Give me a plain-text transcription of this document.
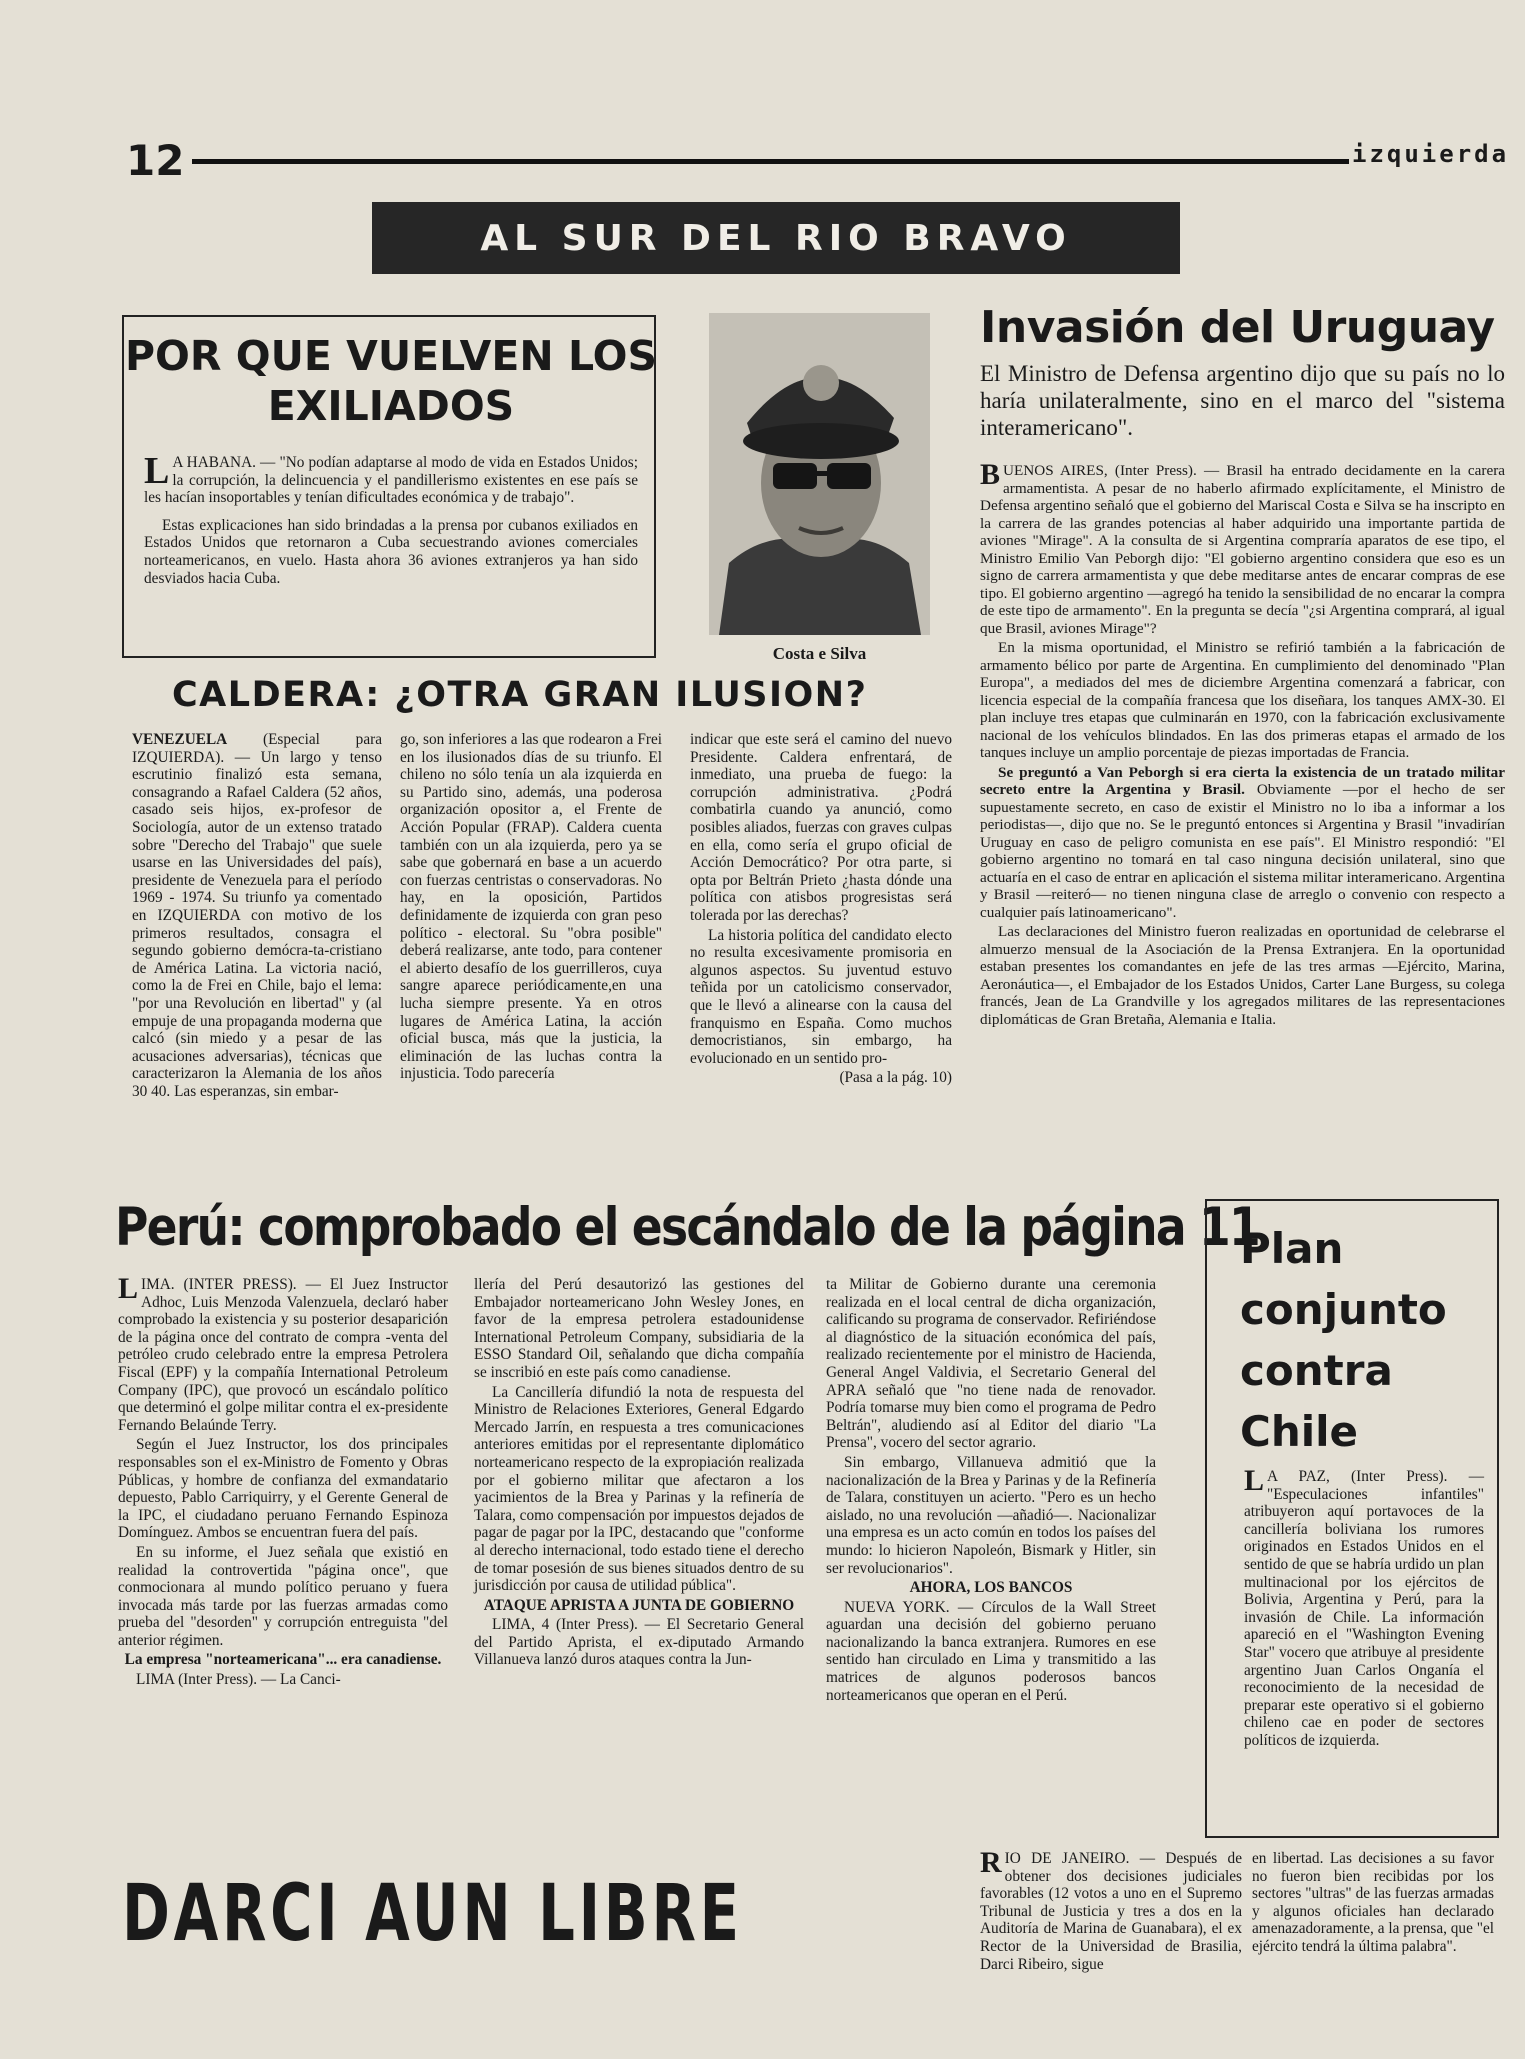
12	izquierda
AL SUR DEL RIO BRAVO
POR QUE VUELVEN LOS EXILIADOS

L A HABANA. — "No podían adaptarse al modo de vida en Estados Unidos; la corrupción, la delincuencia y el pandillerismo existentes en ese país se les hacían insoportables y tenían dificultades económica y de trabajo".

Estas explicaciones han sido brindadas a la prensa por cubanos exiliados en Estados Unidos que retornaron a Cuba secuestrando aviones comerciales norteamericanos, en vuelo. Hasta ahora 36 aviones extranjeros ya han sido desviados hacia Cuba.

Costa e Silva
Invasión del Uruguay
El Ministro de Defensa argentino dijo que su país no lo haría unilateralmente, sino en el marco del "sistema interamericano".

BUENOS AIRES, (Inter Press). — Brasil ha entrado decidamente en la carera armamentista. A pesar de no haberlo afirmado explícitamente, el Ministro de Defensa argentino señaló que el gobierno del Mariscal Costa e Silva se ha inscripto en la carrera de las grandes potencias al haber adquirido una importante partida de aviones "Mirage". A la consulta de si Argentina compraría aparatos de ese tipo, el Ministro Emilio Van Peborgh dijo: "El gobierno argentino considera que eso es un signo de carrera armamentista y que debe meditarse antes de encarar compras de ese tipo. El gobierno argentino —agregó ha tenido la sensibilidad de no encarar la compra de este tipo de armamento". En la pregunta se decía "¿si Argentina comprará, al igual que Brasil, aviones Mirage"?

En la misma oportunidad, el Ministro se refirió también a la fabricación de armamento bélico por parte de Argentina. En cumplimiento del denominado "Plan Europa", a mediados del mes de diciembre Argentina comenzará a fabricar, con licencia especial de la compañía francesa que los diseñara, los tanques AMX-30. El plan incluye tres etapas que culminarán en 1970, con la fabricación exclusivamente nacional de los vehículos blindados. En las dos primeras etapas el armado de los tanques incluye un amplio porcentaje de piezas importadas de Francia.

Se preguntó a Van Peborgh si era cierta la existencia de un tratado militar secreto entre la Argentina y Brasil. Obviamente —por el hecho de ser supuestamente secreto, en caso de existir el Ministro no lo iba a informar a los periodistas—, dijo que no. Se le preguntó entonces si Argentina y Brasil "invadirían Uruguay en caso de peligro comunista en ese país". El Ministro respondió: "El gobierno argentino no tomará en tal caso ninguna decisión unilateral, sino que actuaría en el caso de entrar en aplicación el sistema militar interamericano. Argentina y Brasil —reiteró— no tienen ninguna clase de arreglo o convenio con respecto a cualquier país latinoamericano".

Las declaraciones del Ministro fueron realizadas en oportunidad de celebrarse el almuerzo mensual de la Asociación de la Prensa Extranjera. En la oportunidad estaban presentes los comandantes en jefe de las tres armas —Ejército, Marina, Aeronáutica—, el Embajador de los Estados Unidos, Carter Lane Burgess, su colega francés, Jean de La Grandville y los agregados militares de las representaciones diplomáticas de Gran Bretaña, Alemania e Italia.

CALDERA: ¿OTRA GRAN ILUSION?

VENEZUELA (Especial para IZQUIERDA). — Un largo y tenso escrutinio finalizó esta semana, consagrando a Rafael Caldera (52 años, casado seis hijos, ex-profesor de Sociología, autor de un extenso tratado sobre "Derecho del Trabajo" que suele usarse en las Universidades del país), presidente de Venezuela para el período 1969 - 1974. Su triunfo ya comentado en IZQUIERDA con motivo de los primeros resultados, consagra el segundo gobierno demócra-ta-cristiano de América Latina. La victoria nació, como la de Frei en Chile, bajo el lema: "por una Revolución en libertad" y (al empuje de una propaganda moderna que calcó (sin miedo y a pesar de las acusaciones adversarias), técnicas que caracterizaron la Alemania de los años 30 40. Las esperanzas, sin embar-

go, son inferiores a las que rodearon a Frei en los ilusionados días de su triunfo. El chileno no sólo tenía un ala izquierda en su Partido sino, además, una poderosa organización opositor a, el Frente de Acción Popular (FRAP). Caldera cuenta también con un ala izquierda, pero ya se sabe que gobernará en base a un acuerdo con fuerzas centristas o conservadoras. No hay, en la oposición, Partidos definidamente de izquierda con gran peso político - electoral. Su "obra posible" deberá realizarse, ante todo, para contener el abierto desafío de los guerrilleros, cuya sangre aparece periódicamente,en una lucha siempre presente. Ya en otros lugares de América Latina, la acción oficial busca, más que la justicia, la eliminación de las luchas contra la injusticia. Todo parecería

indicar que este será el camino del nuevo Presidente. Caldera enfrentará, de inmediato, una prueba de fuego: la corrupción administrativa. ¿Podrá combatirla cuando ya anunció, como posibles aliados, fuerzas con graves culpas en ella, como sería el grupo oficial de Acción Democrático? Por otra parte, si opta por Beltrán Prieto ¿hasta dónde una política con atisbos progresistas será tolerada por las derechas?

La historia política del candidato electo no resulta excesivamente promisoria en algunos aspectos. Su juventud estuvo teñida por un catolicismo conservador, que le llevó a alinearse con la causa del franquismo en España. Como muchos democristianos, sin embargo, ha evolucionado en un sentido pro-

(Pasa a la pág. 10)

Perú: comprobado el escándalo de la página 11

LIMA. (INTER PRESS). — El Juez Instructor Adhoc, Luis Menzoda Valenzuela, declaró haber comprobado la existencia y su posterior desaparición de la página once del contrato de compra -venta del petróleo crudo celebrado entre la empresa Petrolera Fiscal (EPF) y la compañía International Petroleum Company (IPC), que provocó un escándalo político que determinó el golpe militar contra el ex-presidente Fernando Belaúnde Terry.

Según el Juez Instructor, los dos principales responsables son el ex-Ministro de Fomento y Obras Públicas, y hombre de confianza del exmandatario depuesto, Pablo Carriquirry, y el Gerente General de la IPC, el ciudadano peruano Fernando Espinoza Domínguez. Ambos se encuentran fuera del país.

En su informe, el Juez señala que existió en realidad la controvertida "página once", que conmocionara al mundo político peruano y fuera invocada más tarde por las fuerzas armadas como prueba del "desorden" y corrupción entreguista "del anterior régimen.

La empresa "norteamericana"... era canadiense.

LIMA (Inter Press). — La Canci-

llería del Perú desautorizó las gestiones del Embajador norteamericano John Wesley Jones, en favor de la empresa petrolera estadounidense International Petroleum Company, subsidiaria de la ESSO Standard Oil, señalando que dicha compañía se inscribió en este país como canadiense.

La Cancillería difundió la nota de respuesta del Ministro de Relaciones Exteriores, General Edgardo Mercado Jarrín, en respuesta a tres comunicaciones anteriores emitidas por el representante diplomático norteamericano respecto de la expropiación realizada por el gobierno militar que afectaron a los yacimientos de la Brea y Parinas y la refinería de Talara, como compensación por impuestos dejados de pagar de pagar por la IPC, destacando que "conforme al derecho internacional, todo estado tiene el derecho de tomar posesión de sus bienes situados dentro de su jurisdicción por causa de utilidad pública".

ATAQUE APRISTA A JUNTA DE GOBIERNO

LIMA, 4 (Inter Press). — El Secretario General del Partido Aprista, el ex-diputado Armando Villanueva lanzó duros ataques contra la Jun-

ta Militar de Gobierno durante una ceremonia realizada en el local central de dicha organización, calificando su programa de conservador. Refiriéndose al diagnóstico de la situación económica del país, realizado recientemente por el ministro de Hacienda, General Angel Valdivia, el Secretario General del APRA señaló que "no tiene nada de renovador. Podría tomarse muy bien como el programa de Pedro Beltrán", aludiendo así al Editor del diario "La Prensa", vocero del sector agrario.

Sin embargo, Villanueva admitió que la nacionalización de la Brea y Parinas y de la Refinería de Talara, constituyen un acierto. "Pero es un hecho aislado, no una revolución —añadió—. Nacionalizar una empresa es un acto común en todos los países del mundo: lo hicieron Napoleón, Bismark y Hitler, sin ser revolucionarios".

AHORA, LOS BANCOS

NUEVA YORK. — Círculos de la Wall Street aguardan una decisión del gobierno peruano nacionalizando la banca extranjera. Rumores en ese sentido han circulado en Lima y transmitido a las matrices de algunos poderosos bancos norteamericanos que operan en el Perú.

Plan
conjunto
contra
Chile

L A PAZ, (Inter Press). — "Especulaciones infantiles" atribuyeron aquí portavoces de la cancillería boliviana los rumores originados en Estados Unidos en el sentido de que se habría urdido un plan multinacional por los ejércitos de Bolivia, Argentina y Perú, para la invasión de Chile. La información apareció en el "Washington Evening Star" vocero que atribuye al presidente argentino Juan Carlos Onganía el reconocimiento de la necesidad de preparar este operativo si el gobierno chileno cae en poder de sectores políticos de izquierda.

DARCI AUN LIBRE

RIO DE JANEIRO. — Después de obtener dos decisiones judiciales favorables (12 votos a uno en el Supremo Tribunal de Justicia y tres a dos en la Auditoría de Marina de Guanabara), el ex Rector de la Universidad de Brasilia, Darci Ribeiro, sigue

en libertad. Las decisiones a su favor no fueron bien recibidas por los sectores "ultras" de las fuerzas armadas y algunos oficiales han declarado amenazadoramente, a la prensa, que "el ejército tendrá la última palabra".
